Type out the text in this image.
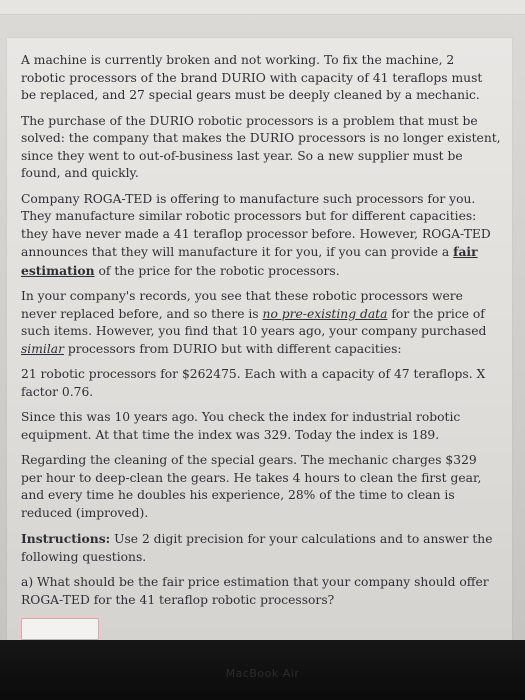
A machine is currently broken and not working. To fix the machine, 2 robotic processors of the brand DURIO with capacity of 41 teraflops must be replaced, and 27 special gears must be deeply cleaned by a mechanic.

The purchase of the DURIO robotic processors is a problem that must be solved: the company that makes the DURIO processors is no longer existent, since they went to out-of-business last year. So a new supplier must be found, and quickly.

Company ROGA-TED is offering to manufacture such processors for you. They manufacture similar robotic processors but for different capacities: they have never made a 41 teraflop processor before. However, ROGA-TED announces that they will manufacture it for you, if you can provide a fair estimation of the price for the robotic processors.

In your company's records, you see that these robotic processors were never replaced before, and so there is no pre-existing data for the price of such items. However, you find that 10 years ago, your company purchased similar processors from DURIO but with different capacities:

21 robotic processors for $262475. Each with a capacity of 47 teraflops. X factor 0.76.

Since this was 10 years ago. You check the index for industrial robotic equipment. At that time the index was 329. Today the index is 189.

Regarding the cleaning of the special gears. The mechanic charges $329 per hour to deep-clean the gears. He takes 4 hours to clean the first gear, and every time he doubles his experience, 28% of the time to clean is reduced (improved).

Instructions: Use 2 digit precision for your calculations and to answer the following questions.

a) What should be the fair price estimation that your company should offer ROGA-TED for the 41 teraflop robotic processors?

MacBook Air
